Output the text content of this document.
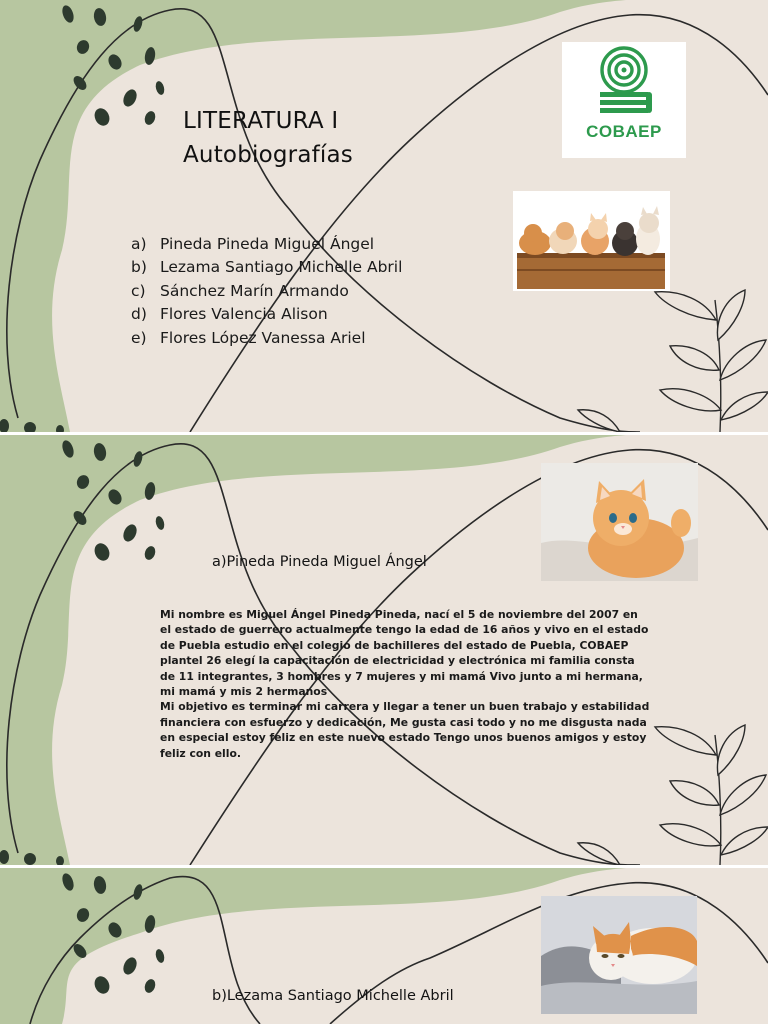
LITERATURA I
Autobiografías
a) Pineda Pineda Miguel Ángel
b) Lezama Santiago Michelle Abril
c) Sánchez Marín Armando
d) Flores Valencia Alison
e) Flores López Vanessa Ariel
COBAEP
a)Pineda Pineda Miguel Ángel

Mi nombre es Miguel Ángel Pineda Pineda, nací el 5 de noviembre del 2007 en el estado de guerrero actualmente tengo la edad de 16 años y vivo en el estado de Puebla estudio en el colegio de bachilleres del estado de Puebla, COBAEP plantel 26 elegí la capacitación de electricidad y electrónica mi familia consta de 11 integrantes, 3 hombres y 7 mujeres y mi mamá Vivo junto a mi hermana, mi mamá y mis 2 hermanos

Mi objetivo es terminar mi carrera y llegar a tener un buen trabajo y estabilidad financiera con esfuerzo y dedicación, Me gusta casi todo y no me disgusta nada en especial estoy feliz en este nuevo estado Tengo unos buenos amigos y estoy feliz con ello.

b)Lezama Santiago Michelle Abril
